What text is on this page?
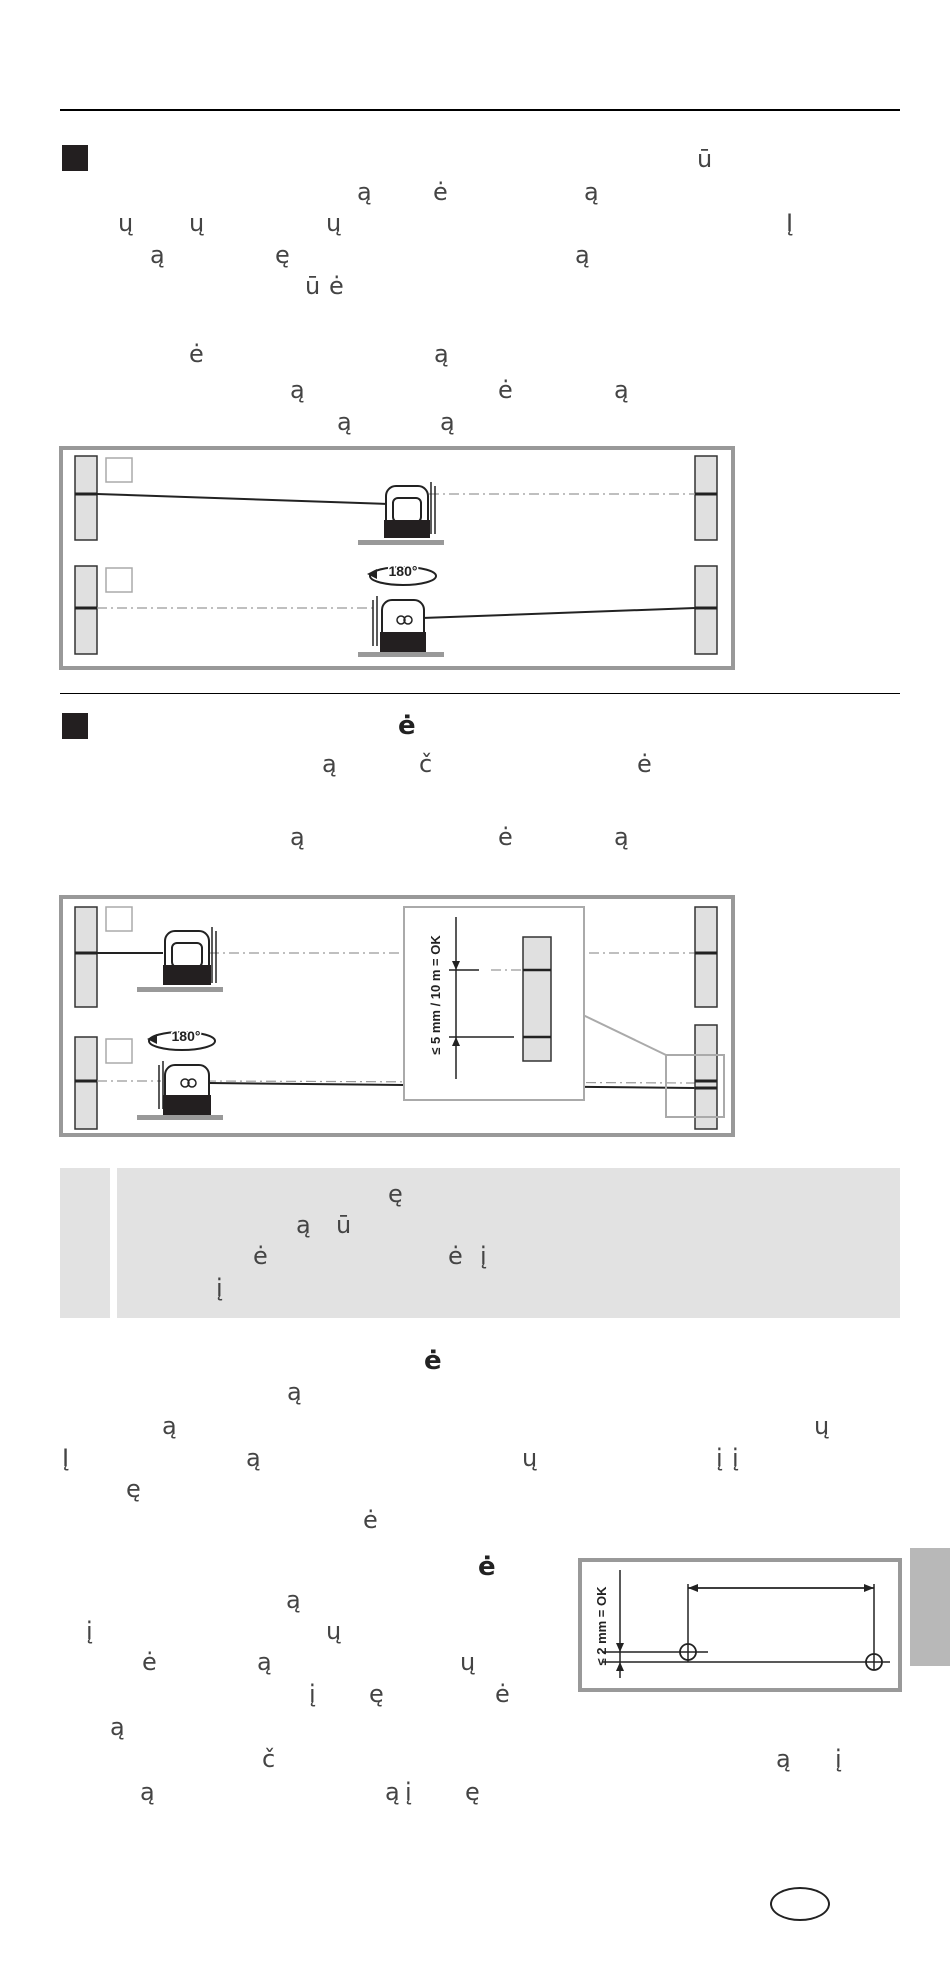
ū
ą	ė	ą
ų ų	ų	Į
ą	ę	ą
ū ė
ė	ą
ą	ė	ą
ą	ą
180°
ė
ą	č	ė
ą	ė	ą
180°	≤ 5 mm / 10 m = OK
ę
ą ū
ė	ė į
į
ė
ą
ą	ų
Į	ą	ų	į į
ę
ė
ė
ą
į	ų
ė	ą	ų
į ę	ė
ą
č	ą į
ą	ą į ę
≤ 2 mm = OK
